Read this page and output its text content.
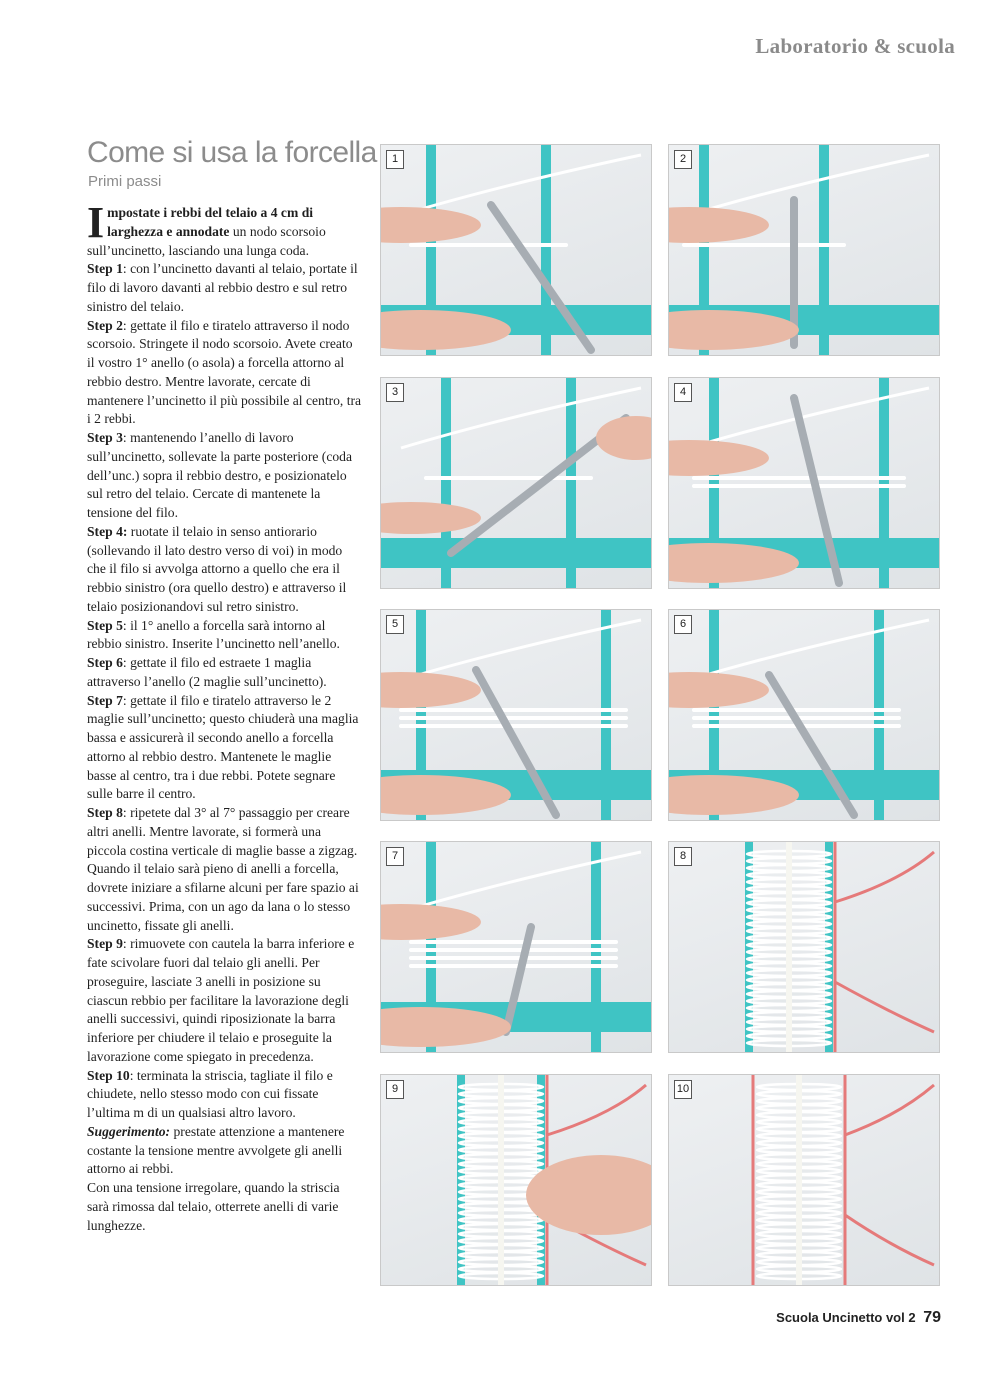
Laboratorio & scuola
Come si usa la forcella
Primi passi

Impostate i rebbi del telaio a 4 cm di larghezza e annodate un nodo scorsoio sull’uncinetto, lasciando una lunga coda.

Step 1: con l’uncinetto davanti al telaio, portate il filo di lavoro davanti al rebbio destro e sul retro sinistro del telaio.

Step 2: gettate il filo e tiratelo attraverso il nodo scorsoio. Stringete il nodo scorsoio. Avete creato il vostro 1° anello (o asola) a forcella attorno al rebbio destro. Mentre lavorate, cercate di mantenere l’uncinetto il più possibile al centro, tra i 2 rebbi.

Step 3: mantenendo l’anello di lavoro sull’uncinetto, sollevate la parte posteriore (coda dell’unc.) sopra il rebbio destro, e posizionatelo sul retro del telaio. Cercate di mantenete la tensione del filo.

Step 4: ruotate il telaio in senso antiorario (sollevando il lato destro verso di voi) in modo che il filo si avvolga attorno a quello che era il rebbio sinistro (ora quello destro) e attraverso il telaio posizionandovi sul retro sinistro.

Step 5: il 1° anello a forcella sarà intorno al rebbio sinistro. Inserite l’uncinetto nell’anello.

Step 6: gettate il filo ed estraete 1 maglia attraverso l’anello (2 maglie sull’uncinetto).

Step 7: gettate il filo e tiratelo attraverso le 2 maglie sull’uncinetto; questo chiuderà una maglia bassa e assicurerà il secondo anello a forcella attorno al rebbio destro. Mantenete le maglie basse al centro, tra i due rebbi. Potete segnare sulle barre il centro.

Step 8: ripetete dal 3° al 7° passaggio per creare altri anelli. Mentre lavorate, si formerà una piccola costina verticale di maglie basse a zigzag. Quando il telaio sarà pieno di anelli a forcella, dovrete iniziare a sfilarne alcuni per fare spazio ai successivi. Prima, con un ago da lana o lo stesso uncinetto, fissate gli anelli.

Step 9: rimuovete con cautela la barra inferiore e fate scivolare fuori dal telaio gli anelli. Per proseguire, lasciate 3 anelli in posizione su ciascun rebbio per facilitare la lavorazione degli anelli successivi, quindi riposizionate la barra inferiore per chiudere il telaio e proseguite la lavorazione come spiegato in precedenza.

Step 10: terminata la striscia, tagliate il filo e chiudete, nello stesso modo con cui fissate l’ultima m di un qualsiasi altro lavoro.

Suggerimento: prestate attenzione a mantenere costante la tensione mentre avvolgete gli anelli attorno ai rebbi.

Con una tensione irregolare, quando la striscia sarà rimossa dal telaio, otterrete anelli di varie lunghezze.

1	2
3	4
5	6
7	8
9	10
Scuola Uncinetto vol 2 79
